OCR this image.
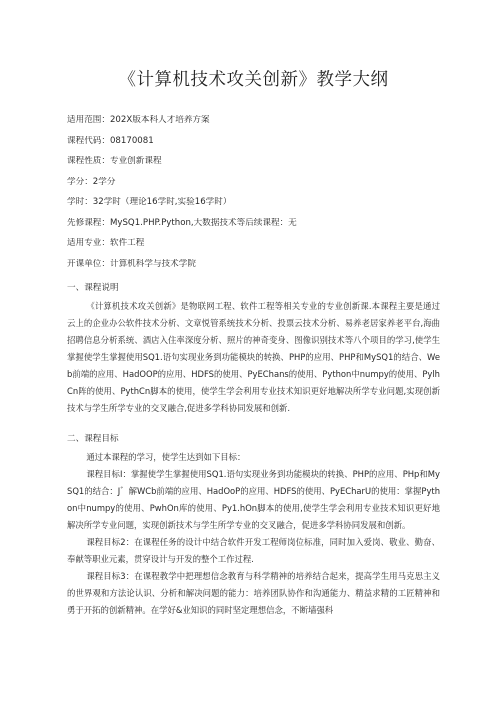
《计算机技术攻关创新》教学大纲
适用范围：202X版本科人才培养方案
课程代码：08170081
课程性质：专业创新课程
学分：2学分
学时：32学时（理论16学时,实验16学时）
先修课程：MySQ1.PHP.Python,大数据技术等后续课程：无
适用专业：软件工程
开课单位：计算机科学与技术学院
一、课程说明

《计算机技术攻关创新》是物联网工程、软件工程等相关专业的专业创新课.本课程主要是通过云上的企业办公软件技术分析、文章悦管系统技术分析、投票云技术分析、易养老居家养老平台,海曲招聘信息分析系统、酒店入住率深度分析、照片的神奇变身、图像识别技术等八个项目的学习,使学生掌握使学生掌握使用SQ1.语句实现业务到功能模块的转换、PHP的应用、PHP和MySQ1的结合、Web前端的应用、HadOOP的应用、HDFS的使用、PyEChans的使用、Python中numpy的使用、PylhCn阵的使用、PythCn脚本的使用，使学生学会利用专业技术知识更好地解决所学专业问题,实现创新技术与学生所学专业的交叉融合,促进多学科协同发展和创新.

二、课程目标

通过本课程的学习，使学生达到如下目标：

课程目标I：掌握使学生掌握使用SQ1.语句实现业务到功能模块的转换、PHP的应用、PHp和MySQ1的结合：J゛解WCb前端的应用、HadOoP的应用、HDFS的使用、PyECharU的使用：掌握Python中numpy的使用、PwhOn库的使用、Py1.hOn脚本的使用,使学生学会利用专业技术知识更好地解决所学专业问题，实现创新技术与学生所学专业的交叉融合，促进多学科协同发展和创新。

课程目标2：在课程任务的设计中结合软件开发工程师岗位标准，同时加入爱岗、敬业、勤奋、奉献等职业元素，贯穿设计与开发的整个工作过程.

课程目标3：在课程教学中把理想信念教育与科学精神的培养结合起来，提高学生用马克思主义的世界观和方法论认识、分析和解决问题的能力：培养团队协作和沟通能力、精益求精的工匠精神和勇于开拓的创新精神。在学好&业知识的同时坚定理想信念，不断墙强科
